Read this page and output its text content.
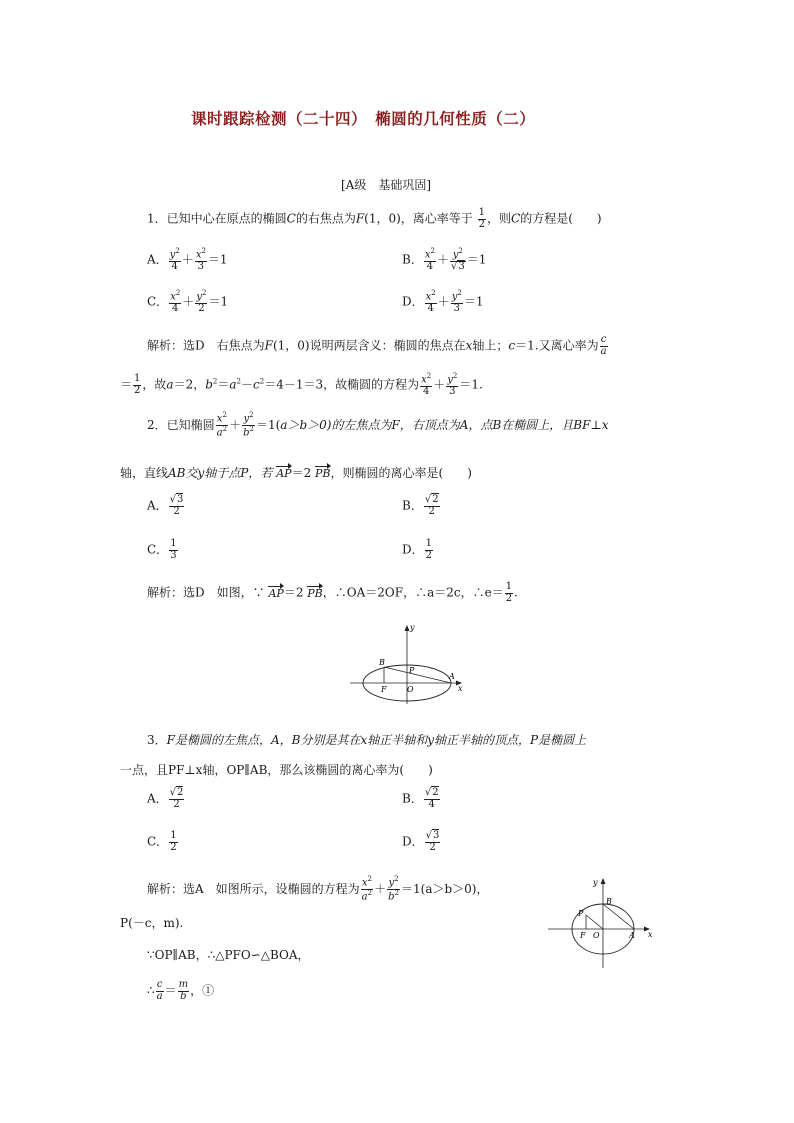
课时跟踪检测（二十四）　椭圆的几何性质（二）
[A级　基础巩固]
1．已知中心在原点的椭圆C的右焦点为F(1，0)，离心率等于 $\frac{1}{2}$ ，则C的方程是(　　)
A． $\frac{y^2}{4} + \frac{x^2}{3} =1$	B． $\frac{x^2}{4} + \frac{y^2}{√3} =1$
C． $\frac{x^2}{4} + \frac{y^2}{2} =1$	D． $\frac{x^2}{4} + \frac{y^2}{3} =1$
解析：选D　右焦点为F(1，0)说明两层含义：椭圆的焦点在x轴上；c＝1.又离心率为 $\frac{c}{a}$
＝ $\frac{1}{2}$ ，故a＝2，$b^2=a^2-c^2=4-1=3$，故椭圆的方程为 $\frac{x^2}{4} + \frac{y^2}{3} =1$.
2．已知椭圆 $\frac{x^2}{a^2} + \frac{y^2}{b^2} =1(a>b>0)$的左焦点为F，右顶点为A，点B在椭圆上，且BF⊥x
轴，直线AB交y轴于点P，若 AP＝2 PB，则椭圆的离心率是(　　)
A． $\frac{√3}{2}$	B． $\frac{√2}{2}$
C． $\frac{1}{3}$	D． $\frac{1}{2}$
解析：选D　如图，∵ AP＝2 PB，∴OA＝2OF，∴a＝2c，∴e＝ $\frac{1}{2}$ .
y
x
B
P
A
F	O
3．F是椭圆的左焦点，A，B分别是其在x轴正半轴和y轴正半轴的顶点，P是椭圆上
一点，且PF⊥x轴，OP∥AB，那么该椭圆的离心率为(　　)
A． $\frac{√2}{2}$	B． $\frac{√2}{4}$
C． $\frac{1}{2}$	D． $\frac{√3}{2}$
解析：选A　如图所示，设椭圆的方程为 $\frac{x^2}{a^2} + \frac{y^2}{b^2} =1(a>b>0)$，
P(－c，m).
∵OP∥AB，∴△PFO∽△BOA，
∴ $\frac{c}{a} = \frac{m}{b}$ ，①
y
x
B
P
A
F O
